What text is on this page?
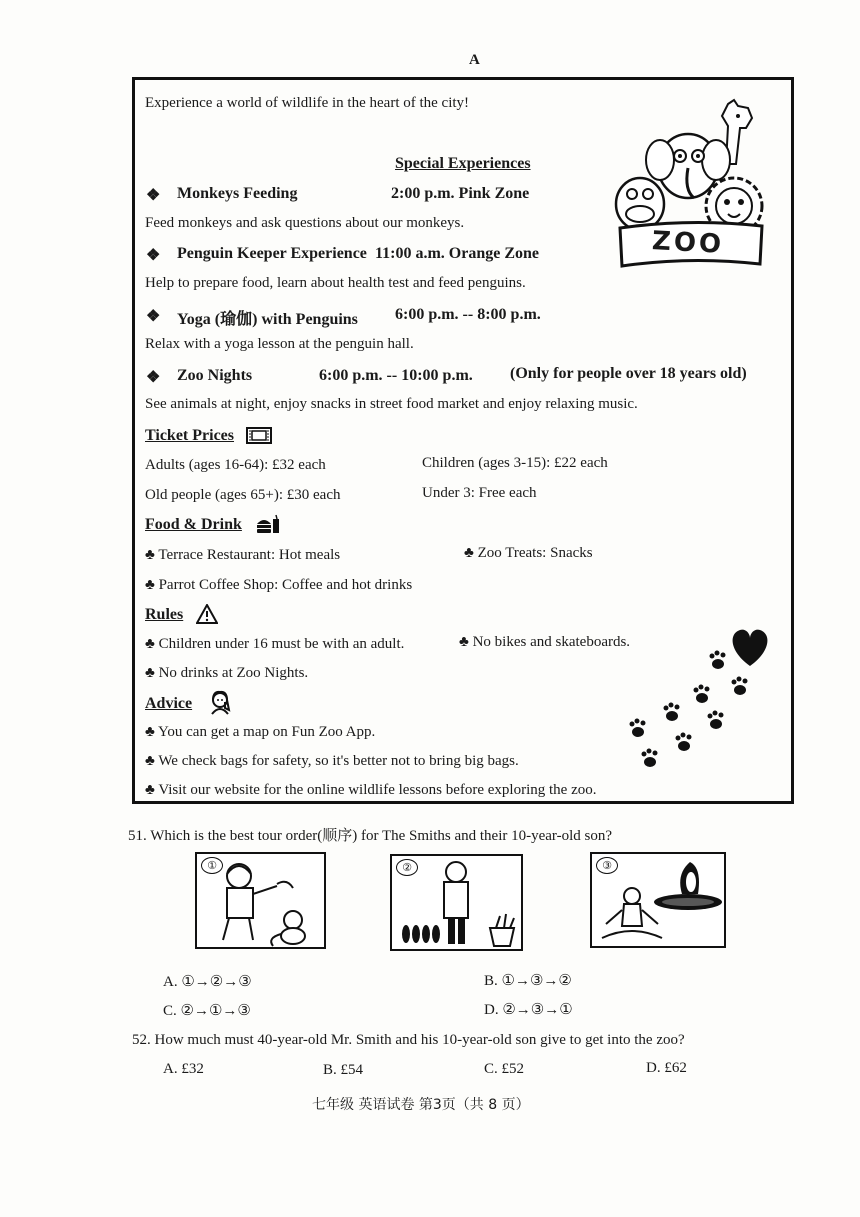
A
Experience a world of wildlife in the heart of the city!
ZOO
Special Experiences
❖ Monkeys Feeding	2:00 p.m. Pink Zone
Feed monkeys and ask questions about our monkeys.
❖ Penguin Keeper Experience 11:00 a.m. Orange Zone
Help to prepare food, learn about health test and feed penguins.
❖ Yoga (瑜伽) with Penguins 6:00 p.m. -- 8:00 p.m.
Relax with a yoga lesson at the penguin hall.
❖ Zoo Nights	6:00 p.m. -- 10:00 p.m. (Only for people over 18 years old)
See animals at night, enjoy snacks in street food market and enjoy relaxing music.
Ticket Prices
Adults (ages 16-64): £32 each	Children (ages 3-15): £22 each
Old people (ages 65+): £30 each	Under 3: Free each
Food & Drink
♣ Terrace Restaurant: Hot meals	♣ Zoo Treats: Snacks
♣ Parrot Coffee Shop: Coffee and hot drinks
Rules
♣ Children under 16 must be with an adult.	♣ No bikes and skateboards.
♣ No drinks at Zoo Nights.
Advice
♣ You can get a map on Fun Zoo App.
♣ We check bags for safety, so it's better not to bring big bags.
♣ Visit our website for the online wildlife lessons before exploring the zoo.
51. Which is the best tour order(顺序) for The Smiths and their 10-year-old son?
①	②	③
A. ①→②→③	B. ①→③→②
C. ②→①→③	D. ②→③→①
52. How much must 40-year-old Mr. Smith and his 10-year-old son give to get into the zoo?
A. £32	B. £54	C. £52	D. £62
七年级 英语试卷 第3页（共 8 页）
